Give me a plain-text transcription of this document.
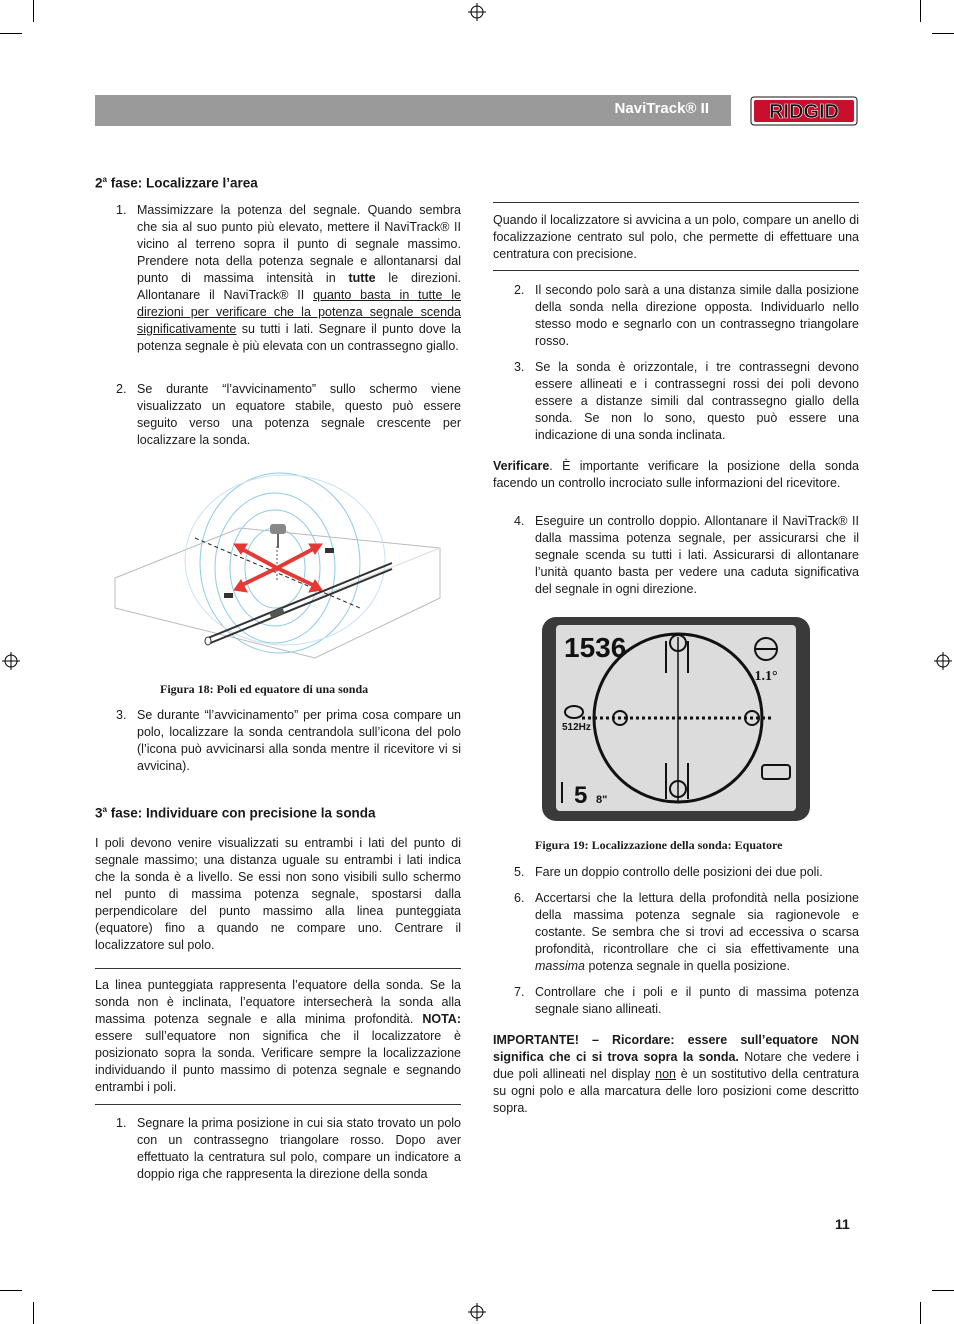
NaviTrack® II	RIDGID
2$^a$ fase: Localizzare l’area
1. Massimizzare la potenza del segnale. Quando sembra che sia al suo punto più elevato, mettere il NaviTrack® II vicino al terreno sopra il punto di segnale massimo. Prendere nota della potenza segnale e allontanarsi dal punto di massima intensità in tutte le direzioni. Allontanare il NaviTrack® II quanto basta in tutte le direzioni per verificare che la potenza segnale scenda significativamente su tutti i lati. Segnare il punto dove la potenza segnale è più elevata con un contrassegno giallo.
2. Se durante “l’avvicinamento” sullo schermo viene visualizzato un equatore stabile, questo può essere seguito verso una potenza segnale crescente per localizzare la sonda.
Figura 18: Poli ed equatore di una sonda
3. Se durante “l’avvicinamento” per prima cosa compare un polo, localizzare la sonda centrandola sull’icona del polo (l’icona può avvicinarsi alla sonda mentre il ricevitore vi si avvicina).
3$^a$ fase: Individuare con precisione la sonda

I poli devono venire visualizzati su entrambi i lati del punto di segnale massimo; una distanza uguale su entrambi i lati indica che la sonda è a livello. Se essi non sono visibili sullo schermo nel punto di massima potenza segnale, spostarsi dalla perpendicolare del punto massimo alla linea punteggiata (equatore) fino a quando ne compare uno. Centrare il localizzatore sul polo.

La linea punteggiata rappresenta l’equatore della sonda. Se la sonda non è inclinata, l’equatore intersecherà la sonda alla massima potenza segnale e alla minima profondità. NOTA: essere sull’equatore non significa che il localizzatore è posizionato sopra la sonda. Verificare sempre la localizzazione individuando il punto massimo di potenza segnale e segnando entrambi i poli.

1. Segnare la prima posizione in cui sia stato trovato un polo con un contrassegno triangolare rosso. Dopo aver effettuato la centratura sul polo, compare un indicatore a doppio riga che rappresenta la direzione della sonda

Quando il localizzatore si avvicina a un polo, compare un anello di focalizzazione centrato sul polo, che permette di effettuare una centratura con precisione.

2. Il secondo polo sarà a una distanza simile dalla posizione della sonda nella direzione opposta. Individuarlo nello stesso modo e segnarlo con un contrassegno triangolare rosso.
3. Se la sonda è orizzontale, i tre contrassegni devono essere allineati e i contrassegni rossi dei poli devono essere a distanze simili dal contrassegno giallo della sonda. Se non lo sono, questo può essere una indicazione di una sonda inclinata.

Verificare. È importante verificare la posizione della sonda facendo un controllo incrociato sulle informazioni del ricevitore.

4. Eseguire un controllo doppio. Allontanare il NaviTrack® II dalla massima potenza segnale, per assicurarsi che il segnale scenda su tutti i lati. Assicurarsi di allontanare l’unità quanto basta per vedere una caduta significativa del segnale in ogni direzione.
1536
1.1°
512Hz
5 8"
Figura 19: Localizzazione della sonda: Equatore
5. Fare un doppio controllo delle posizioni dei due poli.
6. Accertarsi che la lettura della profondità nella posizione della massima potenza segnale sia ragionevole e costante. Se sembra che si trovi ad eccessiva o scarsa profondità, ricontrollare che ci sia effettivamente una massima potenza segnale in quella posizione.
7. Controllare che i poli e il punto di massima potenza segnale siano allineati.

IMPORTANTE! – Ricordare: essere sull’equatore NON significa che ci si trova sopra la sonda. Notare che vedere i due poli allineati nel display non è un sostitutivo della centratura su ogni polo e alla marcatura delle loro posizioni come descritto sopra.

11
